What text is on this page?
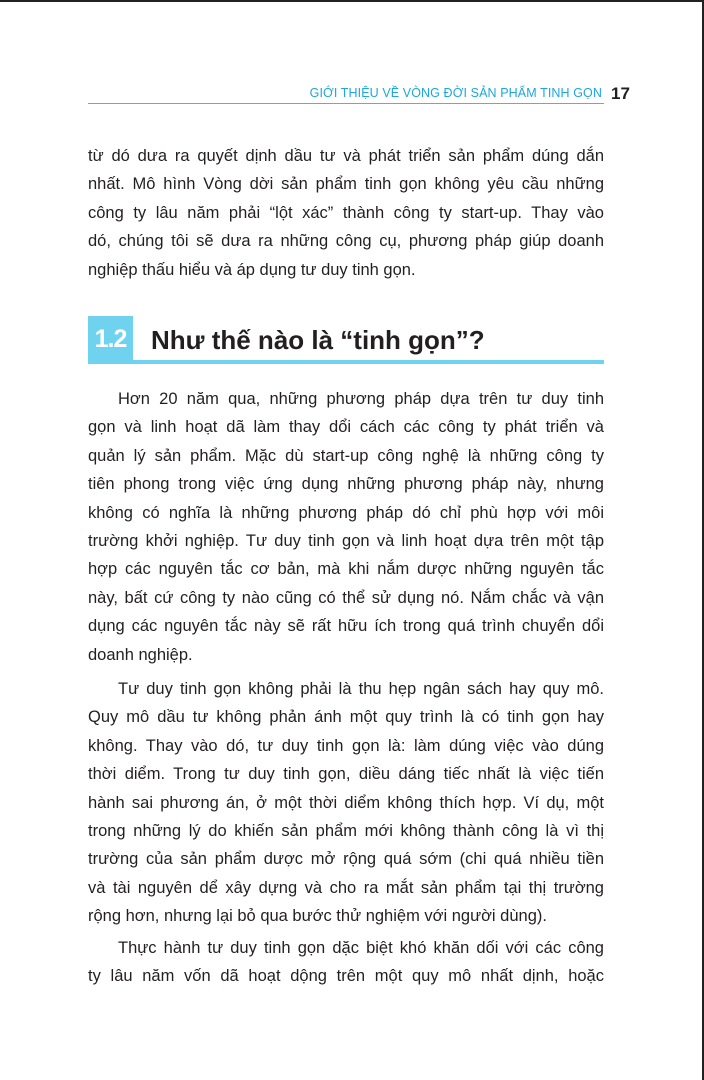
GIỚI THIỆU VỀ VÒNG ĐỜI SẢN PHẨM TINH GỌN 17
từ dó dưa ra quyết dịnh dầu tư và phát triển sản phẩm dúng dắn
nhất. Mô hình Vòng dời sản phẩm tinh gọn không yêu cầu những
công ty lâu năm phải “lột xác” thành công ty start-up. Thay vào
dó, chúng tôi sẽ dưa ra những công cụ, phương pháp giúp doanh
nghiệp thấu hiểu và áp dụng tư duy tinh gọn.
1.2 Như thế nào là “tinh gọn”?
Hơn 20 năm qua, những phương pháp dựa trên tư duy tinh
gọn và linh hoạt dã làm thay dổi cách các công ty phát triển và
quản lý sản phẩm. Mặc dù start-up công nghệ là những công ty
tiên phong trong việc ứng dụng những phương pháp này, nhưng
không có nghĩa là những phương pháp dó chỉ phù hợp với môi
trường khởi nghiệp. Tư duy tinh gọn và linh hoạt dựa trên một tập
hợp các nguyên tắc cơ bản, mà khi nắm dược những nguyên tắc
này, bất cứ công ty nào cũng có thể sử dụng nó. Nắm chắc và vận
dụng các nguyên tắc này sẽ rất hữu ích trong quá trình chuyển dổi
doanh nghiệp.
Tư duy tinh gọn không phải là thu hẹp ngân sách hay quy mô.
Quy mô dầu tư không phản ánh một quy trình là có tinh gọn hay
không. Thay vào dó, tư duy tinh gọn là: làm dúng việc vào dúng
thời diểm. Trong tư duy tinh gọn, diều dáng tiếc nhất là việc tiến
hành sai phương án, ở một thời diểm không thích hợp. Ví dụ, một
trong những lý do khiến sản phẩm mới không thành công là vì thị
trường của sản phẩm dược mở rộng quá sớm (chi quá nhiều tiền
và tài nguyên dể xây dựng và cho ra mắt sản phẩm tại thị trường
rộng hơn, nhưng lại bỏ qua bước thử nghiệm với người dùng).
Thực hành tư duy tinh gọn dặc biệt khó khăn dối với các công
ty lâu năm vốn dã hoạt dộng trên một quy mô nhất dịnh, hoặc
